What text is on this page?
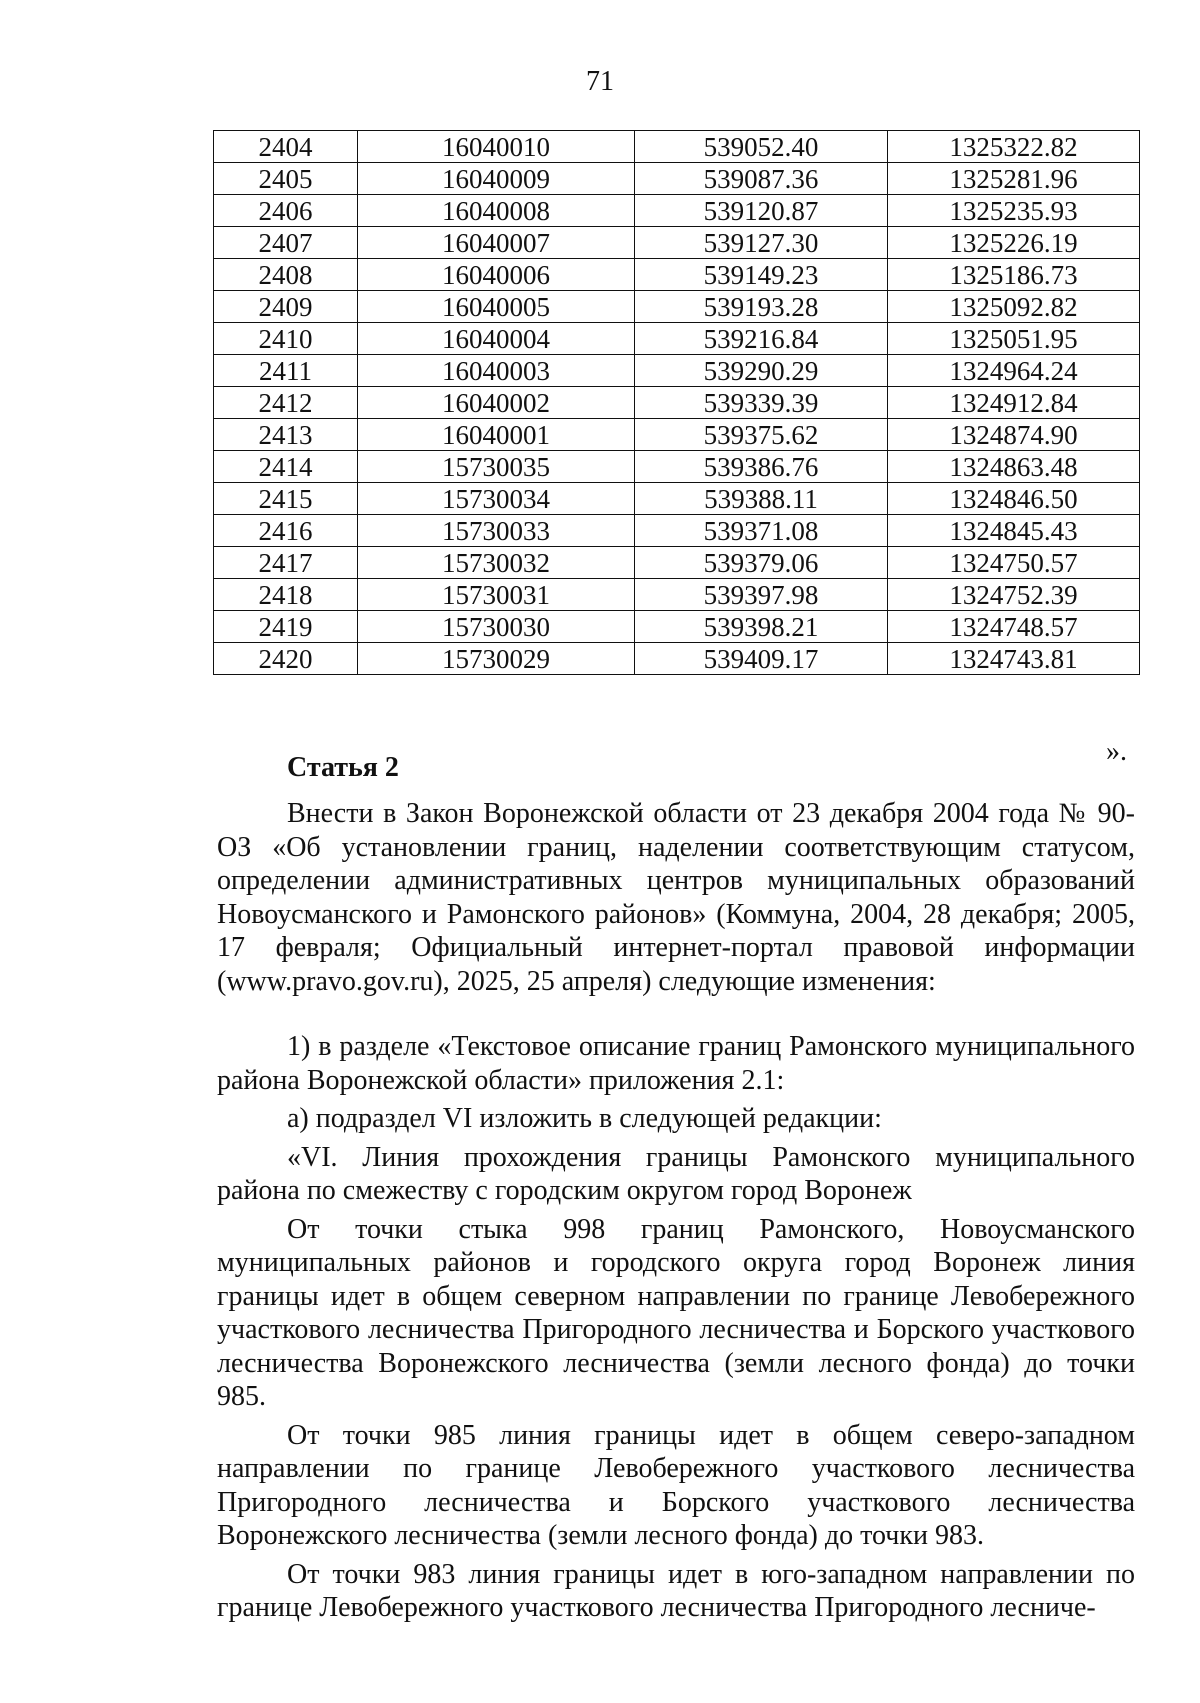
71
2404	16040010	539052.40	1325322.82
2405	16040009	539087.36	1325281.96
2406	16040008	539120.87	1325235.93
2407	16040007	539127.30	1325226.19
2408	16040006	539149.23	1325186.73
2409	16040005	539193.28	1325092.82
2410	16040004	539216.84	1325051.95
2411	16040003	539290.29	1324964.24
2412	16040002	539339.39	1324912.84
2413	16040001	539375.62	1324874.90
2414	15730035	539386.76	1324863.48
2415	15730034	539388.11	1324846.50
2416	15730033	539371.08	1324845.43
2417	15730032	539379.06	1324750.57
2418	15730031	539397.98	1324752.39
2419	15730030	539398.21	1324748.57
2420	15730029	539409.17	1324743.81
».
Статья 2

Внести в Закон Воронежской области от 23 декабря 2004 года № 90-ОЗ «Об установлении границ, наделении соответствующим статусом, определении административных центров муниципальных образований Новоусманского и Рамонского районов» (Коммуна, 2004, 28 декабря; 2005, 17 февраля; Официальный интернет-портал правовой информации (www.pravo.gov.ru), 2025, 25 апреля) следующие изменения:

1) в разделе «Текстовое описание границ Рамонского муниципального района Воронежской области» приложения 2.1:

а) подраздел VI изложить в следующей редакции:

«VI. Линия прохождения границы Рамонского муниципального района по смежеству с городским округом город Воронеж

От точки стыка 998 границ Рамонского, Новоусманского муниципальных районов и городского округа город Воронеж линия границы идет в общем северном направлении по границе Левобережного участкового лесничества Пригородного лесничества и Борского участкового лесничества Воронежского лесничества (земли лесного фонда) до точки 985.

От точки 985 линия границы идет в общем северо-западном направлении по границе Левобережного участкового лесничества Пригородного лесничества и Борского участкового лесничества Воронежского лесничества (земли лесного фонда) до точки 983.

От точки 983 линия границы идет в юго-западном направлении по границе Левобережного участкового лесничества Пригородного лесниче-
